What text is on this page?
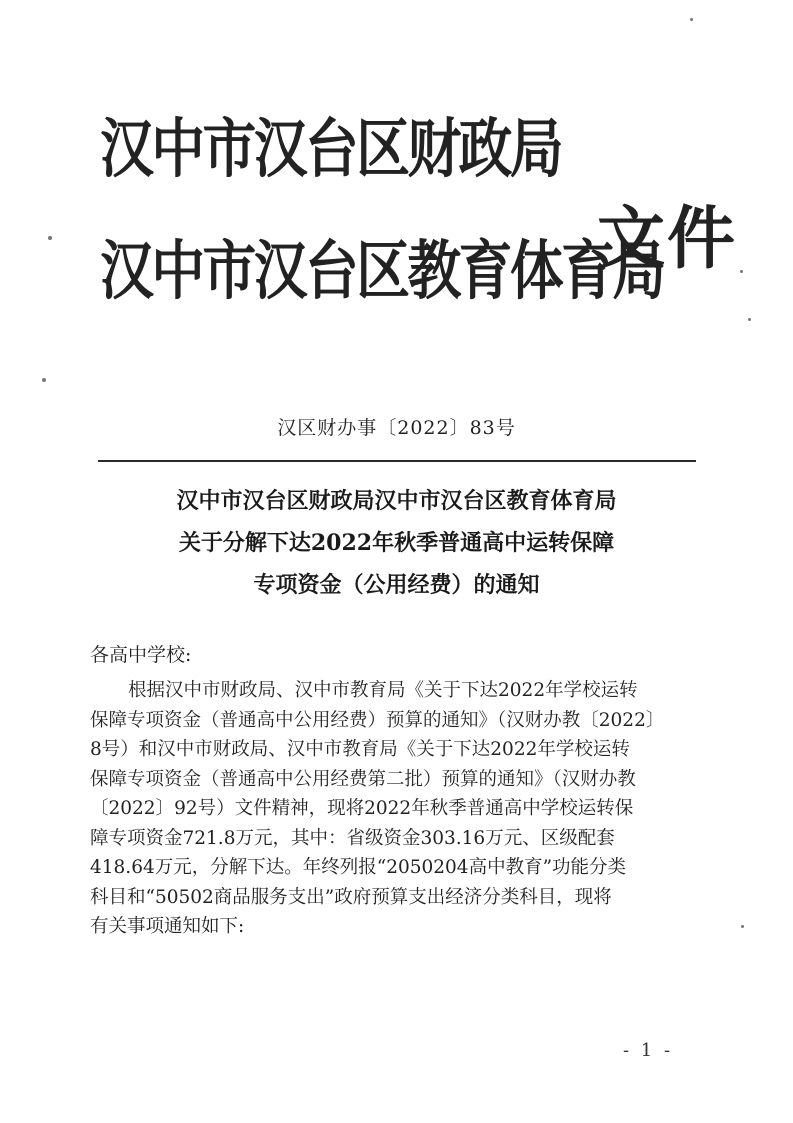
汉中市汉台区财政局
汉中市汉台区教育体育局
文件
汉区财办事〔2022〕83号
汉中市汉台区财政局汉中市汉台区教育体育局
关于分解下达2022年秋季普通高中运转保障
专项资金（公用经费）的通知
各高中学校:
根据汉中市财政局、汉中市教育局《关于下达2022年学校运转
保障专项资金（普通高中公用经费）预算的通知》（汉财办教〔2022〕
8号）和汉中市财政局、汉中市教育局《关于下达2022年学校运转
保障专项资金（普通高中公用经费第二批）预算的通知》（汉财办教
〔2022〕92号）文件精神，现将2022年秋季普通高中学校运转保
障专项资金721.8万元，其中：省级资金303.16万元、区级配套
418.64万元，分解下达。年终列报“2050204高中教育”功能分类
科目和“50502商品服务支出”政府预算支出经济分类科目，现将
有关事项通知如下:
- 1 -
